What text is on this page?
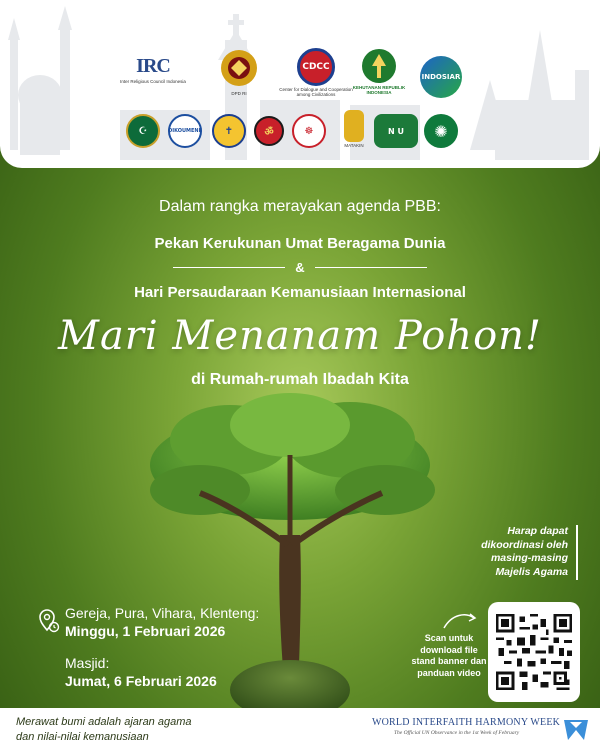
IRC
Inter Religious Council Indonesia
DPD RI
CDCC
Center for Dialogue and Cooperation among Civilizations
KEHUTANAN REPUBLIK INDONESIA
INDOSIAR
☪	OIKOUMENE	✝	ॐ	☸
MATAKIN
N U	✺
Dalam rangka merayakan agenda PBB:
Pekan Kerukunan Umat Beragama Dunia
&
Hari Persaudaraan Kemanusiaan Internasional
Mari Menanam Pohon!
di Rumah-rumah Ibadah Kita
Harap dapat dikoordinasi oleh masing-masing Majelis Agama
Scan untuk download file stand banner dan panduan video
Gereja, Pura, Vihara, Klenteng:
Minggu, 1 Februari 2026
Masjid:
Jumat, 6 Februari 2026
Merawat bumi adalah ajaran agama
dan nilai-nilai kemanusiaan
WORLD INTERFAITH HARMONY WEEK
The Official UN Observance in the 1st Week of February
